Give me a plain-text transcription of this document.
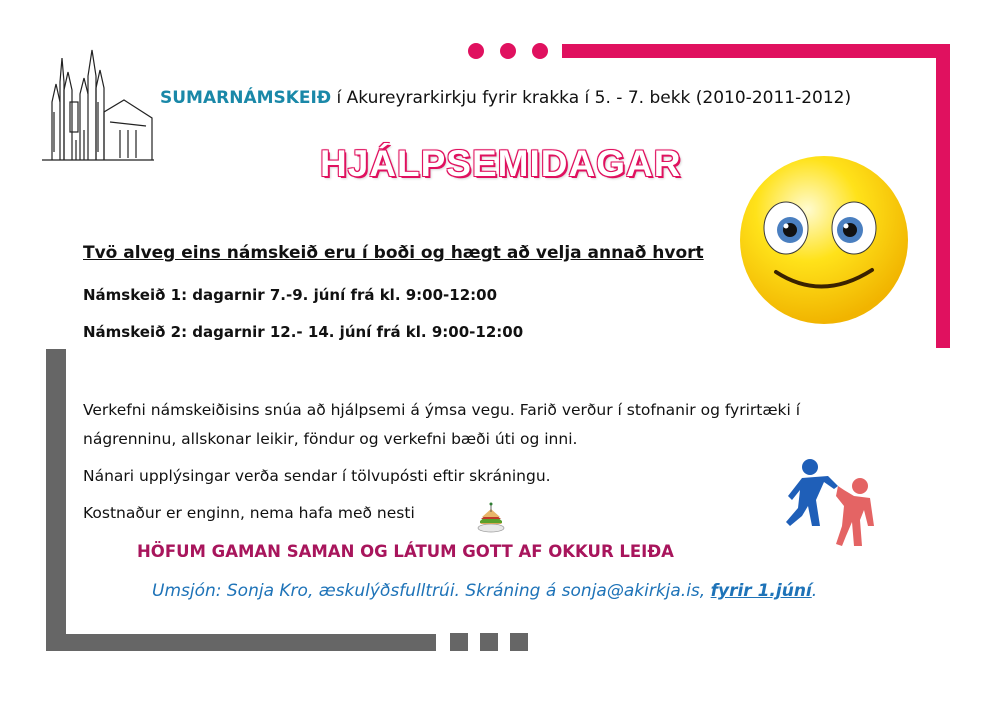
SUMARNÁMSKEIÐ í Akureyrarkirkju fyrir krakka í 5. - 7. bekk (2010-2011-2012)
HJÁLPSEMIDAGAR
Tvö alveg eins námskeið eru í boði og hægt að velja annað hvort
Námskeið 1: dagarnir 7.-9. júní frá kl. 9:00-12:00
Námskeið 2: dagarnir 12.- 14. júní frá kl. 9:00-12:00
Verkefni námskeiðisins snúa að hjálpsemi á ýmsa vegu. Farið verður í stofnanir og fyrirtæki í
nágrenninu, allskonar leikir, föndur og verkefni bæði úti og inni.
Nánari upplýsingar verða sendar í tölvupósti eftir skráningu.
Kostnaður er enginn, nema hafa með nesti
HÖFUM GAMAN SAMAN OG LÁTUM GOTT AF OKKUR LEIÐA
Umsjón: Sonja Kro, æskulýðsfulltrúi. Skráning á sonja@akirkja.is, fyrir 1.júní.
